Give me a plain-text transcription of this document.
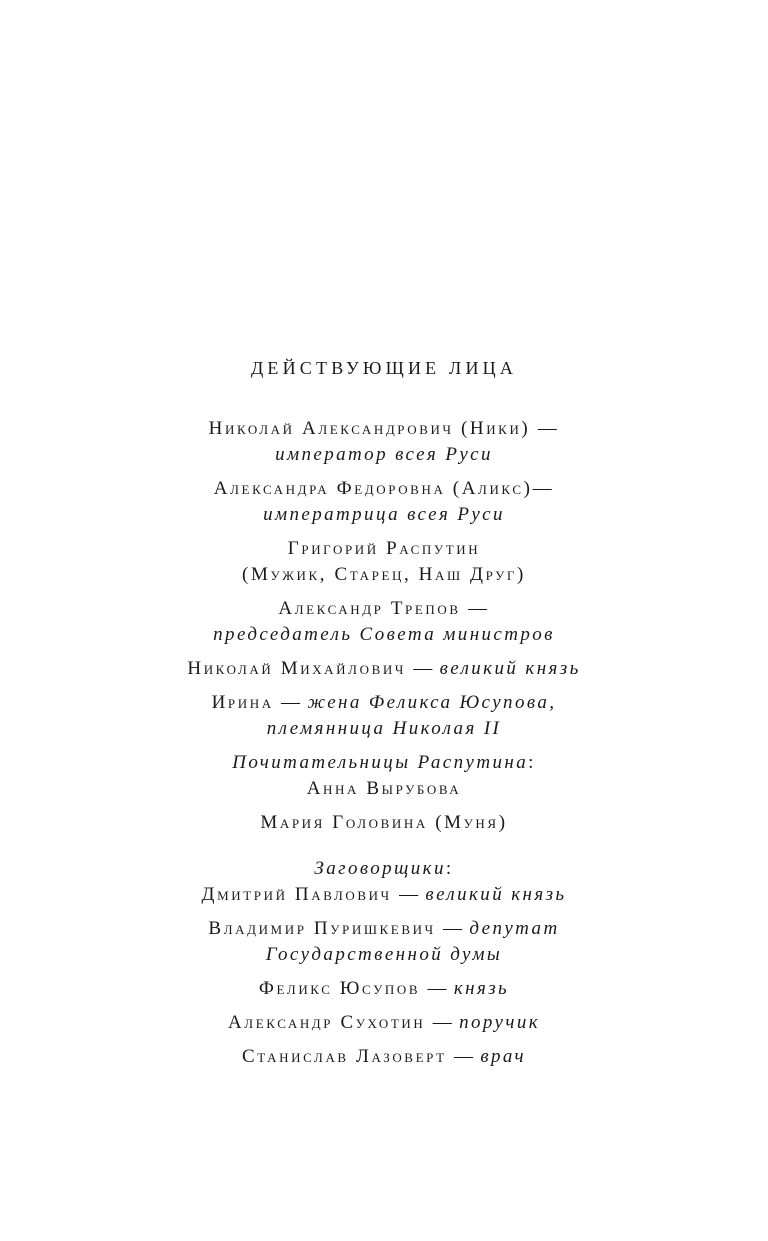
ДЕЙСТВУЮЩИЕ ЛИЦА
Николай Александрович (Ники) —
император всея Руси
Александра Федоровна (Аликс)—
императрица всея Руси
Григорий Распутин
(Мужик, Старец, Наш Друг)
Александр Трепов —
председатель Совета министров
Николай Михайлович — великий князь
Ирина — жена Феликса Юсупова,
племянница Николая II
Почитательницы Распутина:
Анна Вырубова
Мария Головина (Муня)
Заговорщики:
Дмитрий Павлович — великий князь
Владимир Пуришкевич — депутат
Государственной думы
Феликс Юсупов — князь
Александр Сухотин — поручик
Станислав Лазоверт — врач
